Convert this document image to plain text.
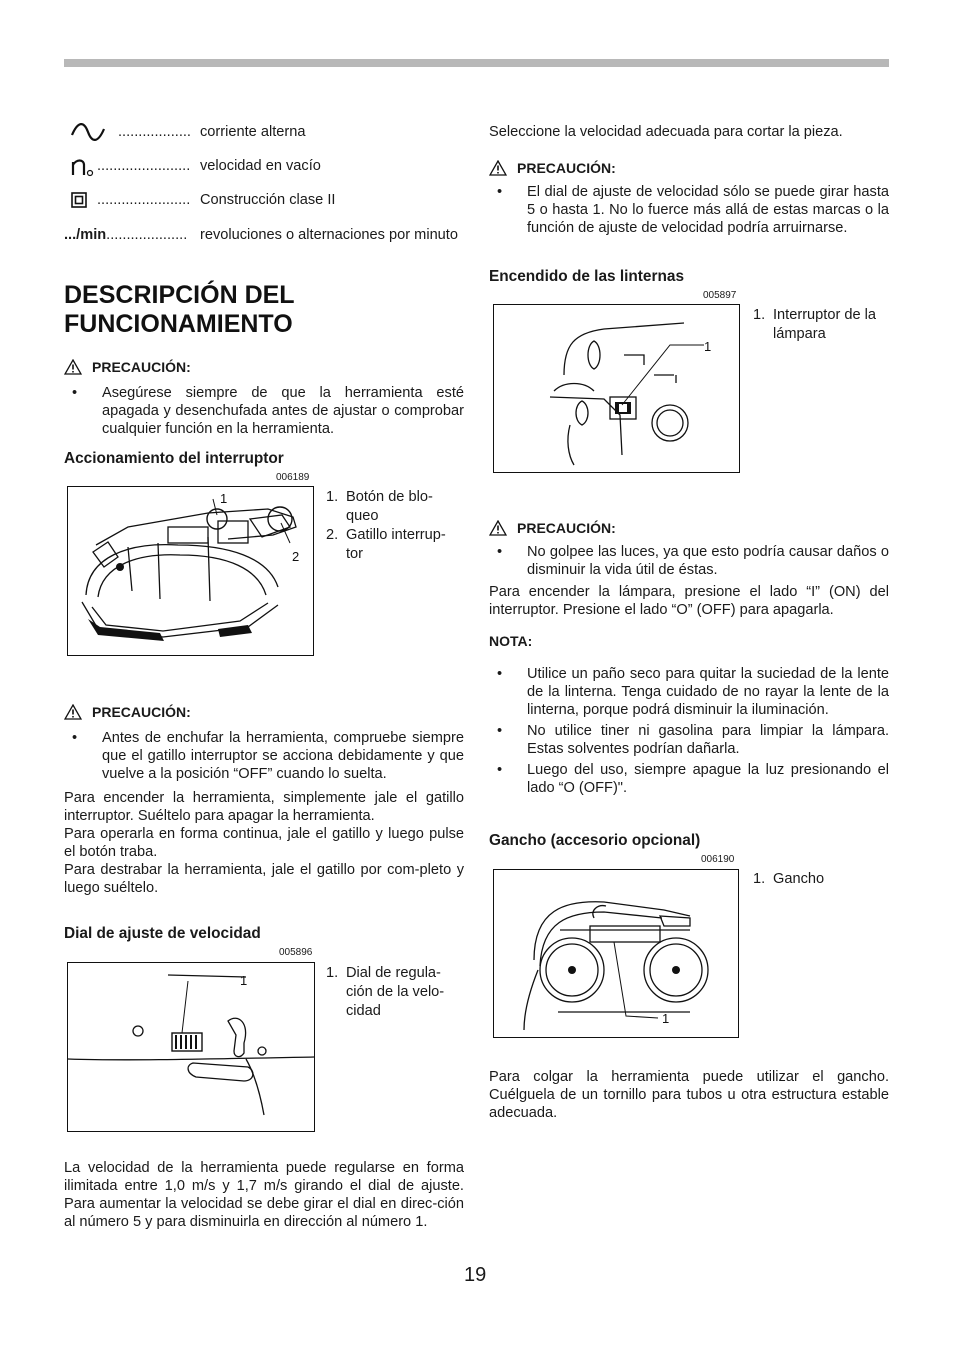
.................. corriente alterna
....................... velocidad en vacío
....................... Construcción clase II
.../min.................... revoluciones o alternaciones por minuto
DESCRIPCIÓN DEL
FUNCIONAMIENTO
PRECAUCIÓN:
• Asegúrese siempre de que la herramienta esté apagada y desenchufada antes de ajustar o comprobar cualquier función en la herramienta.
Accionamiento del interruptor
006189
1
2
1. Botón de blo-queo
2. Gatillo interrup-tor
PRECAUCIÓN:
• Antes de enchufar la herramienta, compruebe siempre que el gatillo interruptor se acciona debidamente y que vuelve a la posición “OFF” cuando lo suelta.

Para encender la herramienta, simplemente jale el gatillo interruptor. Suéltelo para apagar la herramienta.

Para operarla en forma continua, jale el gatillo y luego pulse el botón traba.

Para destrabar la herramienta, jale el gatillo por com-pleto y luego suéltelo.

Dial de ajuste de velocidad
005896
1	1. Dial de regula-ción de la velo-cidad

La velocidad de la herramienta puede regularse en forma ilimitada entre 1,0 m/s y 1,7 m/s girando el dial de ajuste. Para aumentar la velocidad se debe girar el dial en direc-ción al número 5 y para disminuirla en dirección al número 1.

Seleccione la velocidad adecuada para cortar la pieza.

PRECAUCIÓN:
• El dial de ajuste de velocidad sólo se puede girar hasta 5 o hasta 1. No lo fuerce más allá de estas marcas o la función de ajuste de velocidad podría arruirnarse.
Encendido de las linternas
005897
1
1. Interruptor de la lámpara
PRECAUCIÓN:
• No golpee las luces, ya que esto podría causar daños o disminuir la vida útil de éstas.

Para encender la lámpara, presione el lado “I” (ON) del interruptor. Presione el lado “O” (OFF) para apagarla.

NOTA:
• Utilice un paño seco para quitar la suciedad de la lente de la linterna. Tenga cuidado de no rayar la lente de la linterna, porque podrá disminuir la iluminación.
• No utilice tiner ni gasolina para limpiar la lámpara. Estas solventes podrían dañarla.
• Luego del uso, siempre apague la luz presionando el lado “O (OFF)".
Gancho (accesorio opcional)
006190
1
1. Gancho

Para colgar la herramienta puede utilizar el gancho. Cuélguela de un tornillo para tubos u otra estructura estable adecuada.

19
